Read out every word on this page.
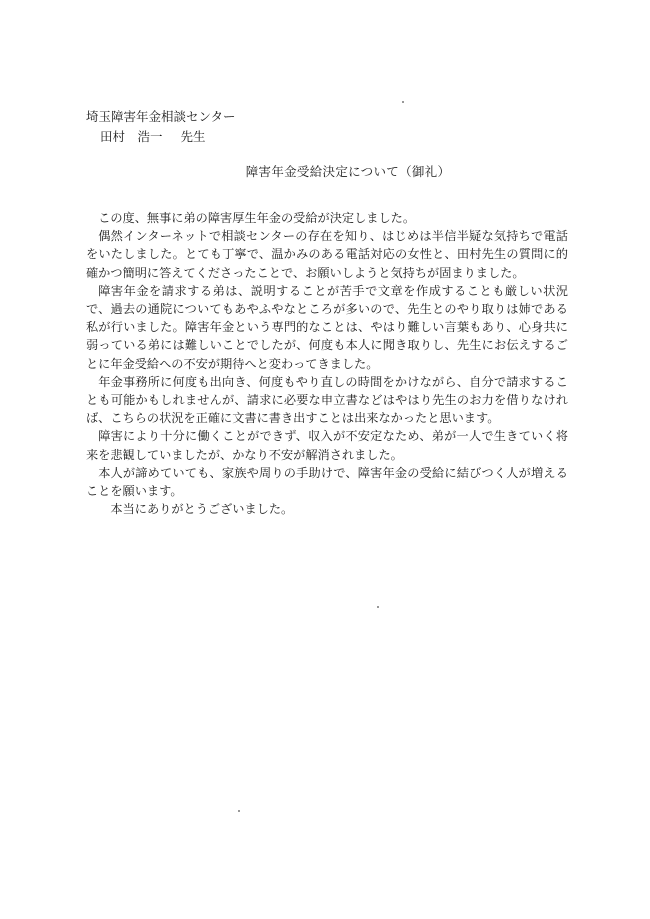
埼玉障害年金相談センター
田村　浩一 先生
障害年金受給決定について（御礼）

この度、無事に弟の障害厚生年金の受給が決定しました。

偶然インターネットで相談センターの存在を知り、はじめは半信半疑な気持ちで電話をいたしました。とても丁寧で、温かみのある電話対応の女性と、田村先生の質問に的確かつ簡明に答えてくださったことで、お願いしようと気持ちが固まりました。

障害年金を請求する弟は、説明することが苦手で文章を作成することも厳しい状況で、過去の通院についてもあやふやなところが多いので、先生とのやり取りは姉である私が行いました。障害年金という専門的なことは、やはり難しい言葉もあり、心身共に弱っている弟には難しいことでしたが、何度も本人に聞き取りし、先生にお伝えするごとに年金受給への不安が期待へと変わってきました。

年金事務所に何度も出向き、何度もやり直しの時間をかけながら、自分で請求することも可能かもしれませんが、請求に必要な申立書などはやはり先生のお力を借りなければ、こちらの状況を正確に文書に書き出すことは出来なかったと思います。

障害により十分に働くことができず、収入が不安定なため、弟が一人で生きていく将来を悲観していましたが、かなり不安が解消されました。

本人が諦めていても、家族や周りの手助けで、障害年金の受給に結びつく人が増えることを願います。

本当にありがとうございました。
